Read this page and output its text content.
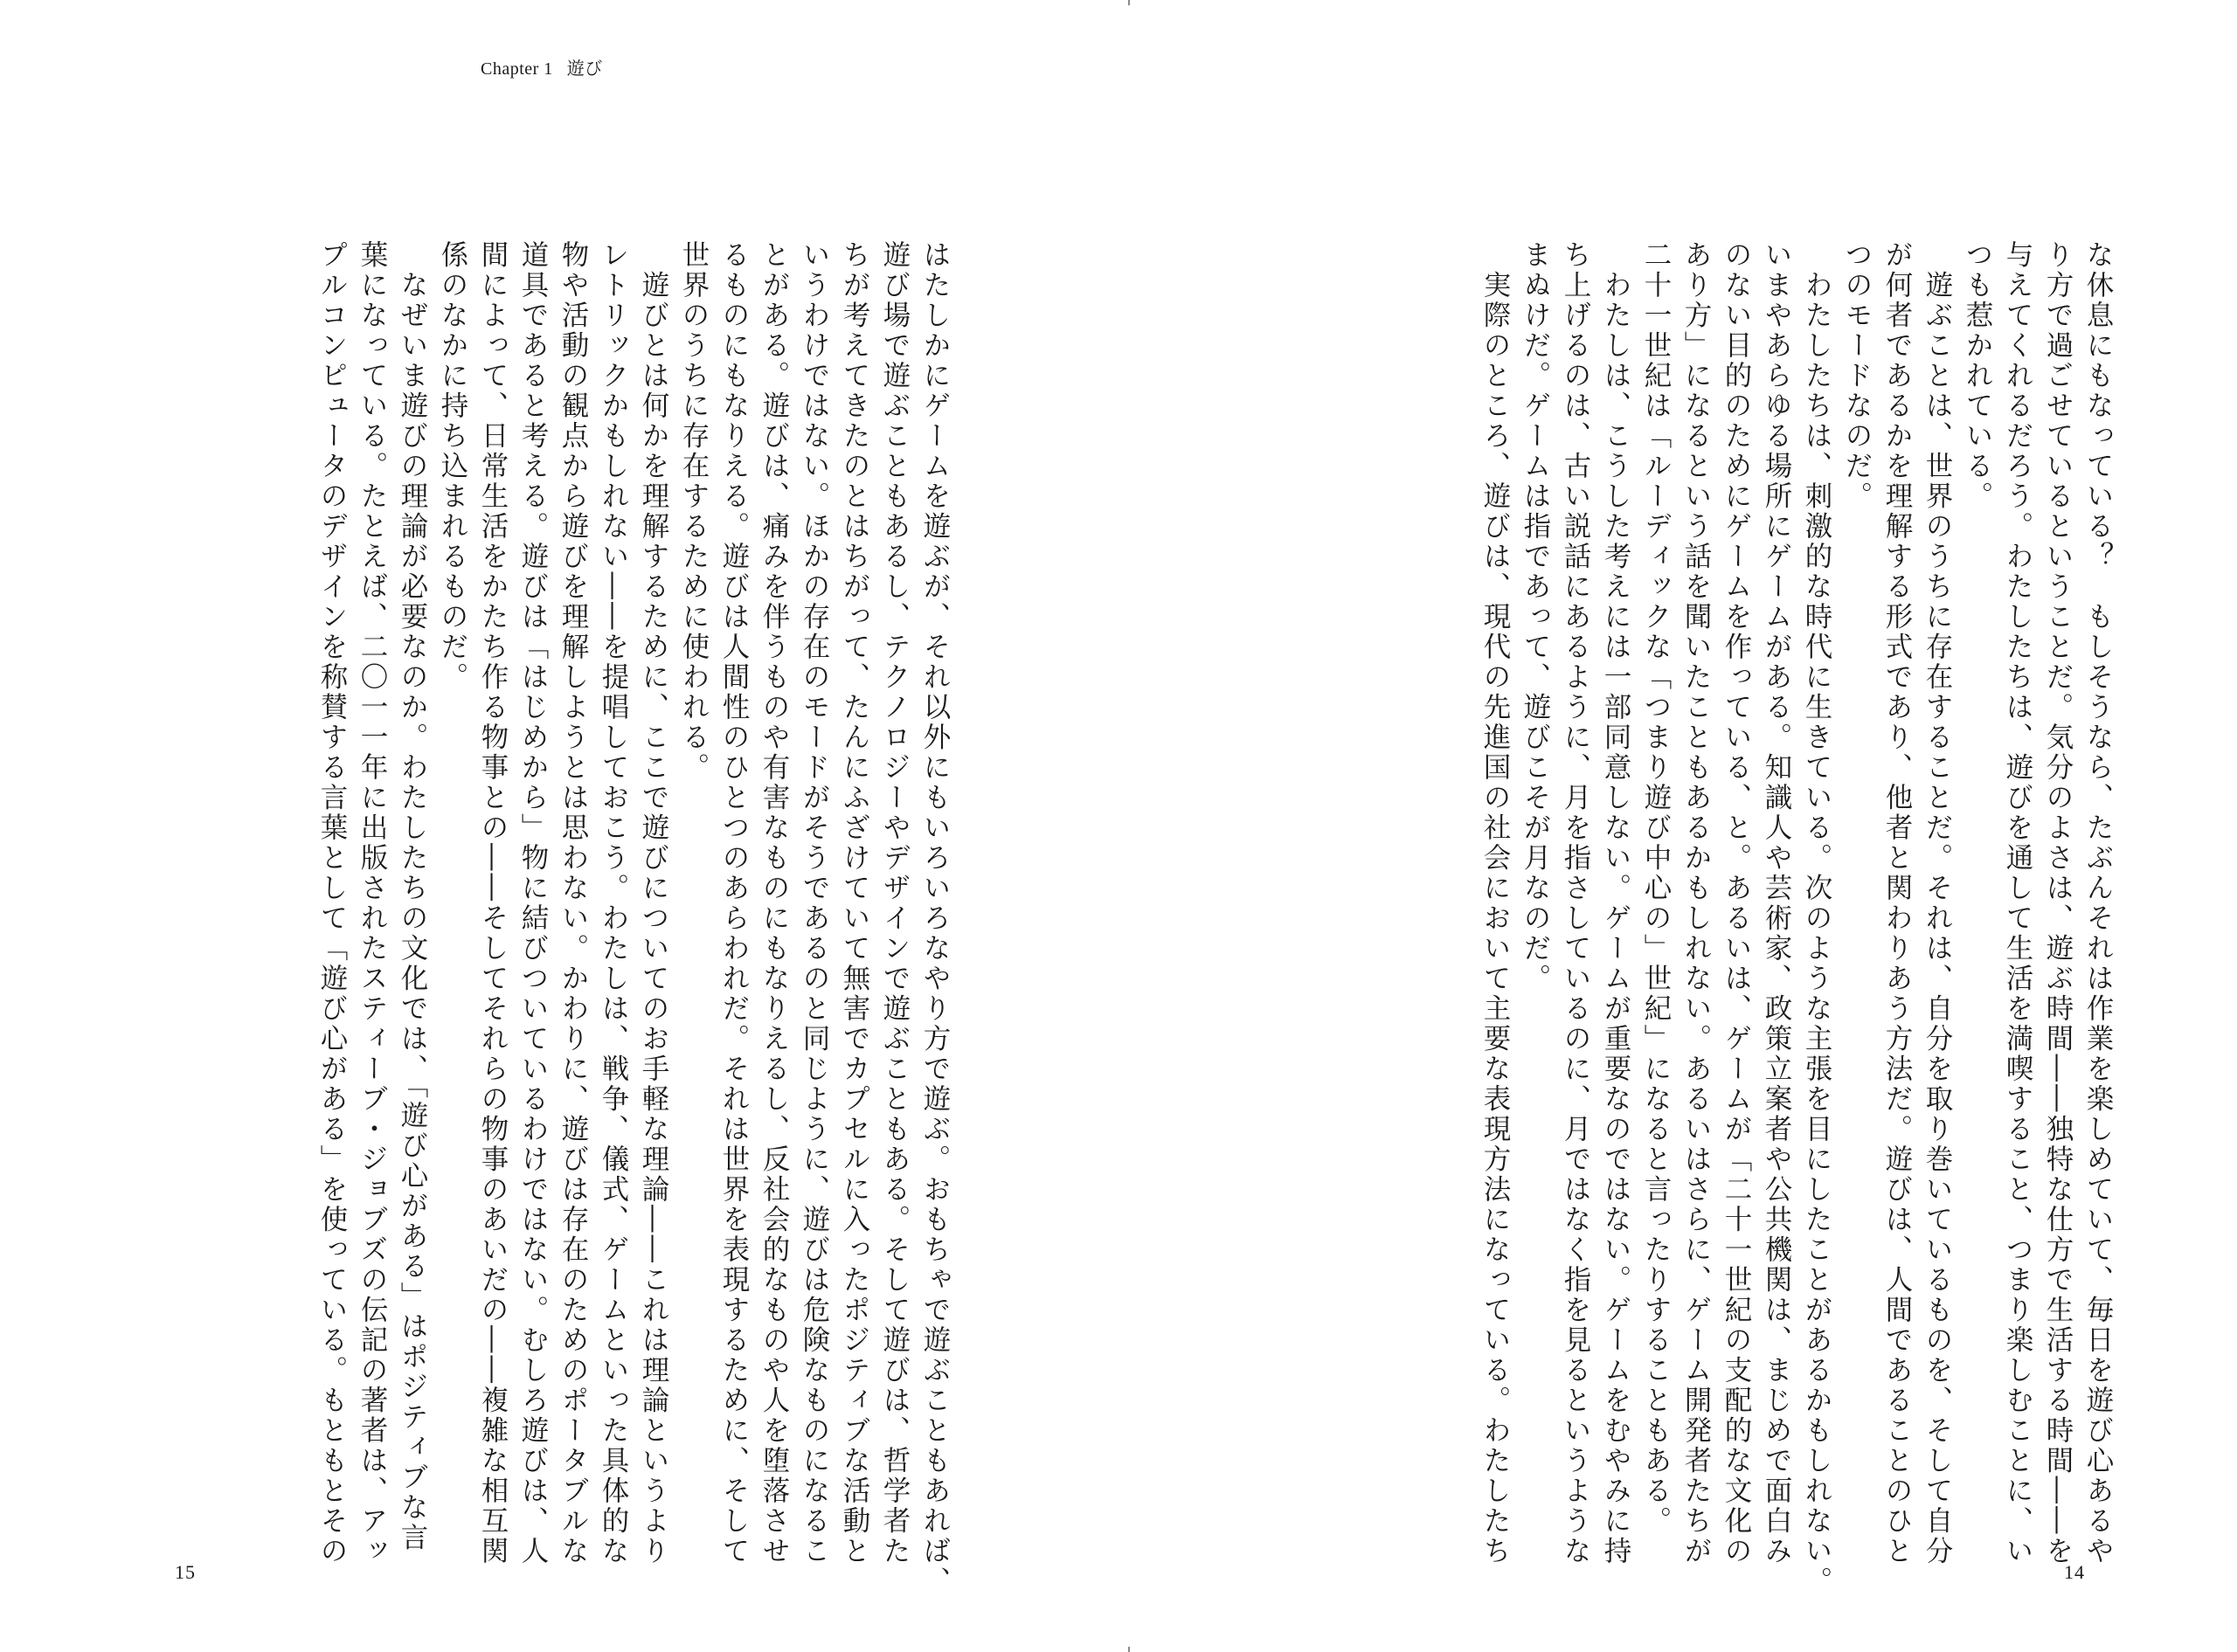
Chapter 1 遊び
な休息にもなっている？　もしそうなら、たぶんそれは作業を楽しめていて、毎日を遊び心あるや
り方で過ごせているということだ。気分のよさは、遊ぶ時間――独特な仕方で生活する時間――を
与えてくれるだろう。わたしたちは、遊びを通して生活を満喫すること、つまり楽しむことに、い
つも惹かれている。
　遊ぶことは、世界のうちに存在することだ。それは、自分を取り巻いているものを、そして自分
が何者であるかを理解する形式であり、他者と関わりあう方法だ。遊びは、人間であることのひと
つのモードなのだ。
　わたしたちは、刺激的な時代に生きている。次のような主張を目にしたことがあるかもしれない。
いまやあらゆる場所にゲームがある。知識人や芸術家、政策立案者や公共機関は、まじめで面白み
のない目的のためにゲームを作っている、と。あるいは、ゲームが「二十一世紀の支配的な文化の
あり方」になるという話を聞いたこともあるかもしれない。あるいはさらに、ゲーム開発者たちが
二十一世紀は「ルーディックな「つまり遊び中心の」世紀」になると言ったりすることもある。
　わたしは、こうした考えには一部同意しない。ゲームが重要なのではない。ゲームをむやみに持
ち上げるのは、古い説話にあるように、月を指さしているのに、月ではなく指を見るというような
まぬけだ。ゲームは指であって、遊びこそが月なのだ。
　実際のところ、遊びは、現代の先進国の社会において主要な表現方法になっている。わたしたち
はたしかにゲームを遊ぶが、それ以外にもいろいろなやり方で遊ぶ。おもちゃで遊ぶこともあれば、
遊び場で遊ぶこともあるし、テクノロジーやデザインで遊ぶこともある。そして遊びは、哲学者た
ちが考えてきたのとはちがって、たんにふざけていて無害でカプセルに入ったポジティブな活動と
いうわけではない。ほかの存在のモードがそうであるのと同じように、遊びは危険なものになるこ
とがある。遊びは、痛みを伴うものや有害なものにもなりえるし、反社会的なものや人を堕落させ
るものにもなりえる。遊びは人間性のひとつのあらわれだ。それは世界を表現するために、そして
世界のうちに存在するために使われる。
　遊びとは何かを理解するために、ここで遊びについてのお手軽な理論――これは理論というより
レトリックかもしれない――を提唱しておこう。わたしは、戦争、儀式、ゲームといった具体的な
物や活動の観点から遊びを理解しようとは思わない。かわりに、遊びは存在のためのポータブルな
道具であると考える。遊びは「はじめから」物に結びついているわけではない。むしろ遊びは、人
間によって、日常生活をかたち作る物事との――そしてそれらの物事のあいだの――複雑な相互関
係のなかに持ち込まれるものだ。
　なぜいま遊びの理論が必要なのか。わたしたちの文化では、「遊び心がある」はポジティブな言
葉になっている。たとえば、二〇一一年に出版されたスティーブ・ジョブズの伝記の著者は、アッ
プルコンピュータのデザインを称賛する言葉として「遊び心がある」を使っている。もともとその
15	14
